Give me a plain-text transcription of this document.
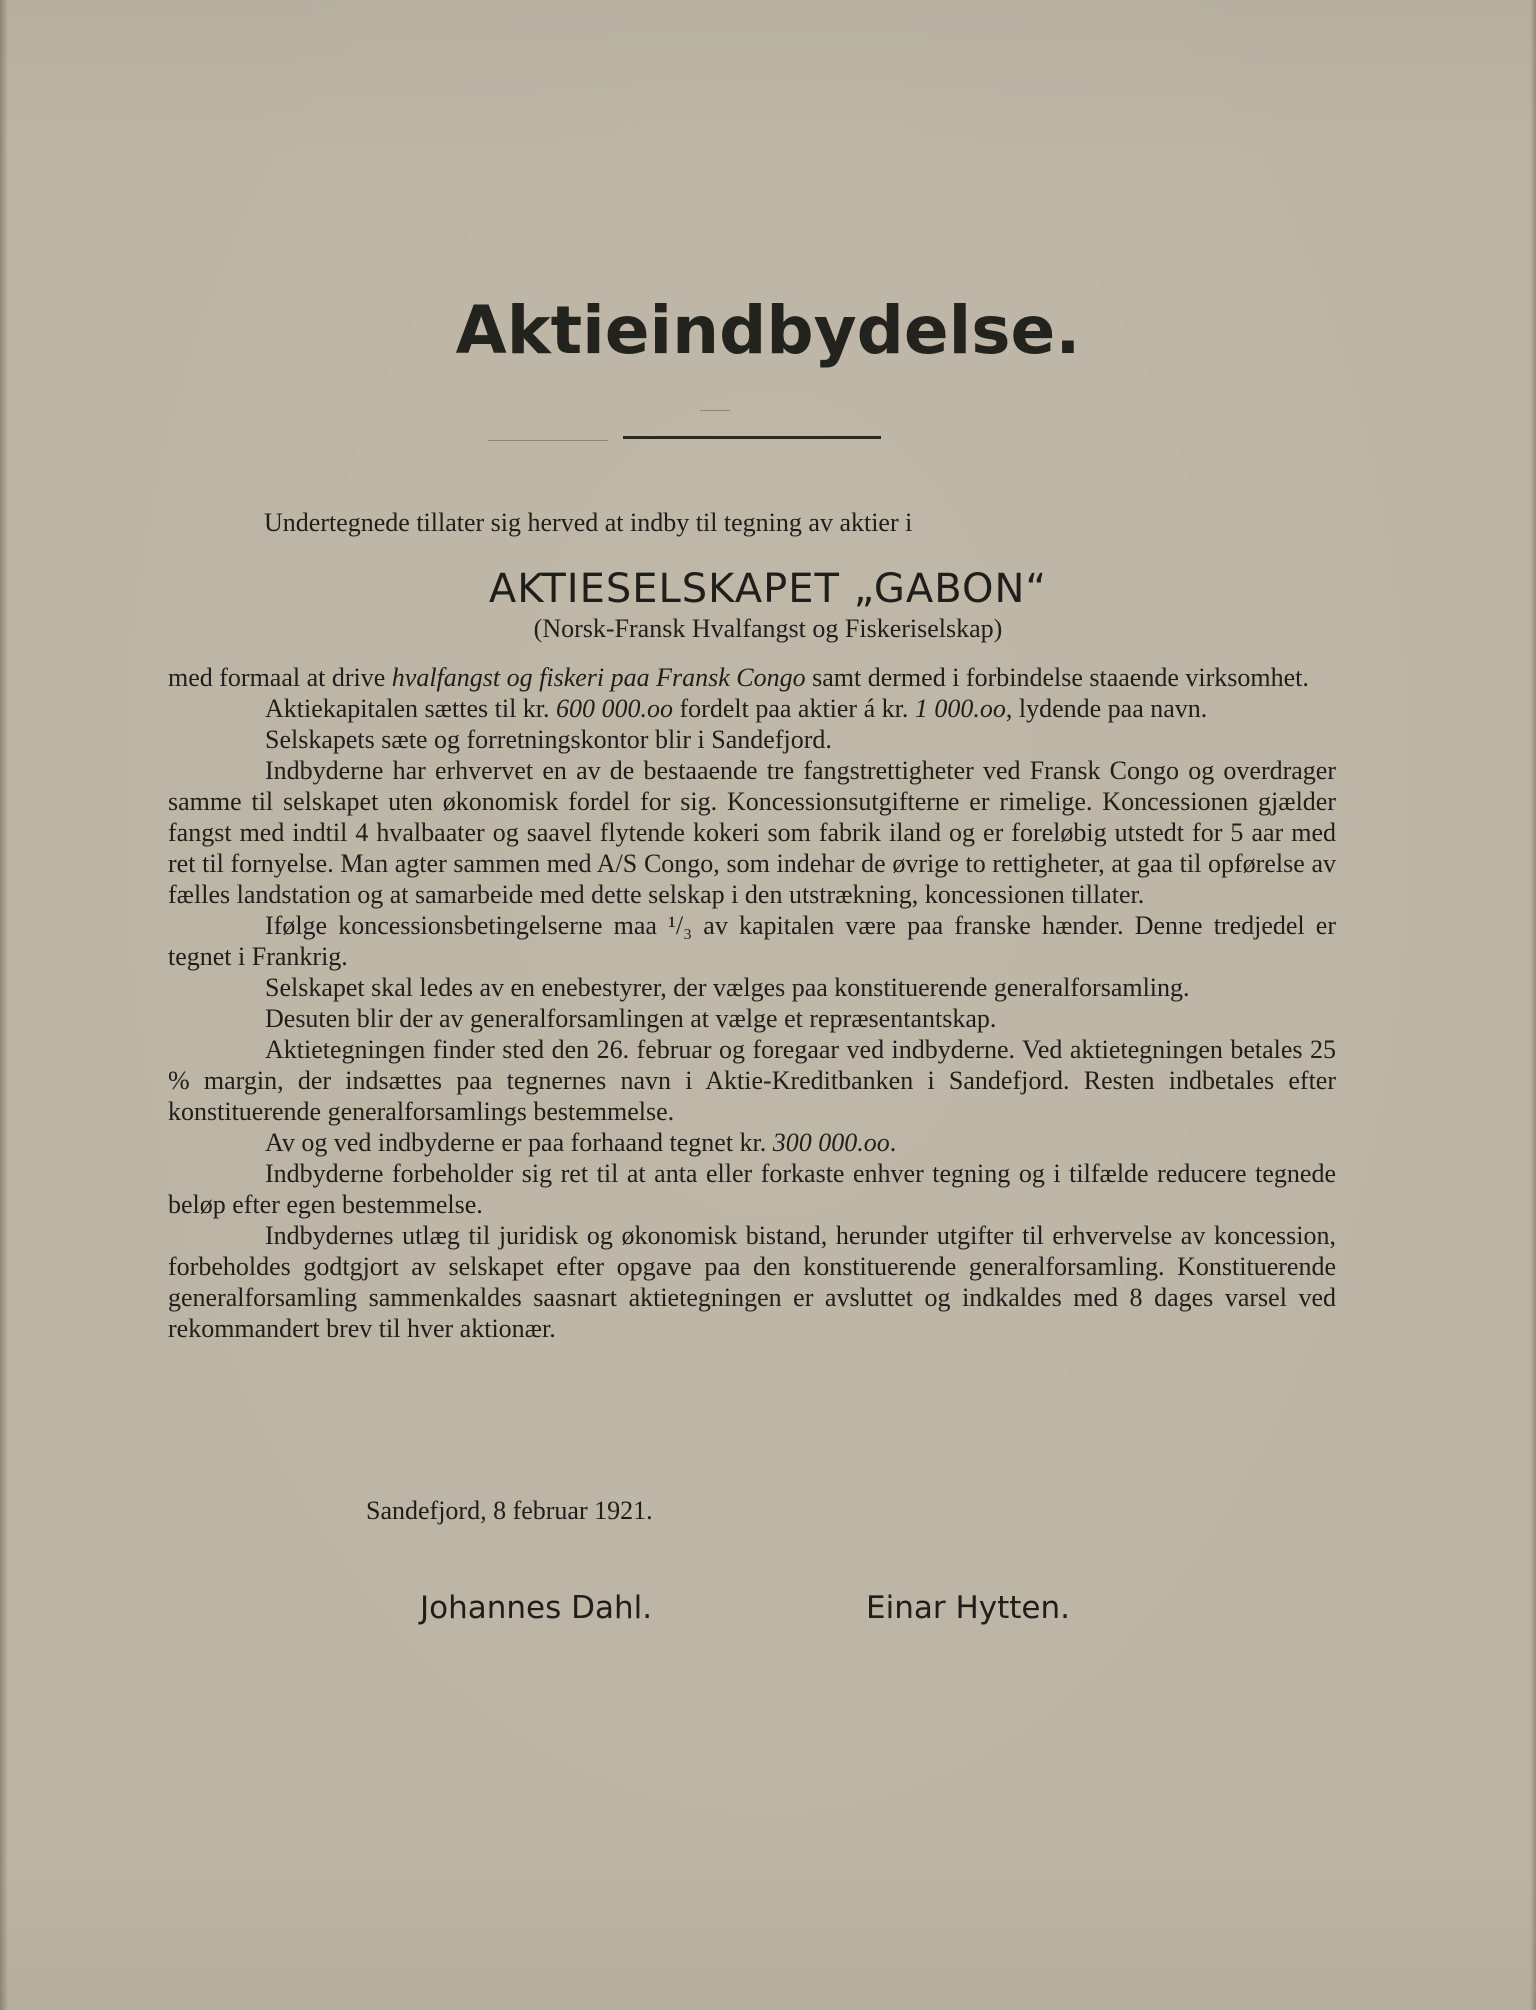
Aktieindbydelse.
Undertegnede tillater sig herved at indby til tegning av aktier i
AKTIESELSKAPET „GABON“
(Norsk-Fransk Hvalfangst og Fiskeriselskap)

med formaal at drive hvalfangst og fiskeri paa Fransk Congo samt dermed i forbindelse staaende virksomhet.

Aktiekapitalen sættes til kr. 600 000.oo fordelt paa aktier á kr. 1 000.oo, lydende paa navn.

Selskapets sæte og forretningskontor blir i Sandefjord.

Indbyderne har erhvervet en av de bestaaende tre fangstrettigheter ved Fransk Congo og overdrager samme til selskapet uten økonomisk fordel for sig. Koncessionsutgifterne er rimelige. Koncessionen gjælder fangst med indtil 4 hvalbaater og saavel flytende kokeri som fabrik iland og er foreløbig utstedt for 5 aar med ret til fornyelse. Man agter sammen med A/S Congo, som indehar de øvrige to rettigheter, at gaa til opførelse av fælles landstation og at samarbeide med dette selskap i den utstrækning, koncessionen tillater.

Ifølge koncessionsbetingelserne maa ¹/₃ av kapitalen være paa franske hænder. Denne tredjedel er tegnet i Frankrig.

Selskapet skal ledes av en enebestyrer, der vælges paa konstituerende generalforsamling.

Desuten blir der av generalforsamlingen at vælge et repræsentantskap.

Aktietegningen finder sted den 26. februar og foregaar ved indbyderne. Ved aktietegningen betales 25 % margin, der indsættes paa tegnernes navn i Aktie-Kreditbanken i Sandefjord. Resten indbetales efter konstituerende generalforsamlings bestemmelse.

Av og ved indbyderne er paa forhaand tegnet kr. 300 000.oo.

Indbyderne forbeholder sig ret til at anta eller forkaste enhver tegning og i tilfælde reducere tegnede beløp efter egen bestemmelse.

Indbydernes utlæg til juridisk og økonomisk bistand, herunder utgifter til erhvervelse av koncession, forbeholdes godtgjort av selskapet efter opgave paa den konstituerende generalforsamling. Konstituerende generalforsamling sammenkaldes saasnart aktietegningen er avsluttet og indkaldes med 8 dages varsel ved rekommandert brev til hver aktionær.

Sandefjord, 8 februar 1921.
Johannes Dahl.	Einar Hytten.
